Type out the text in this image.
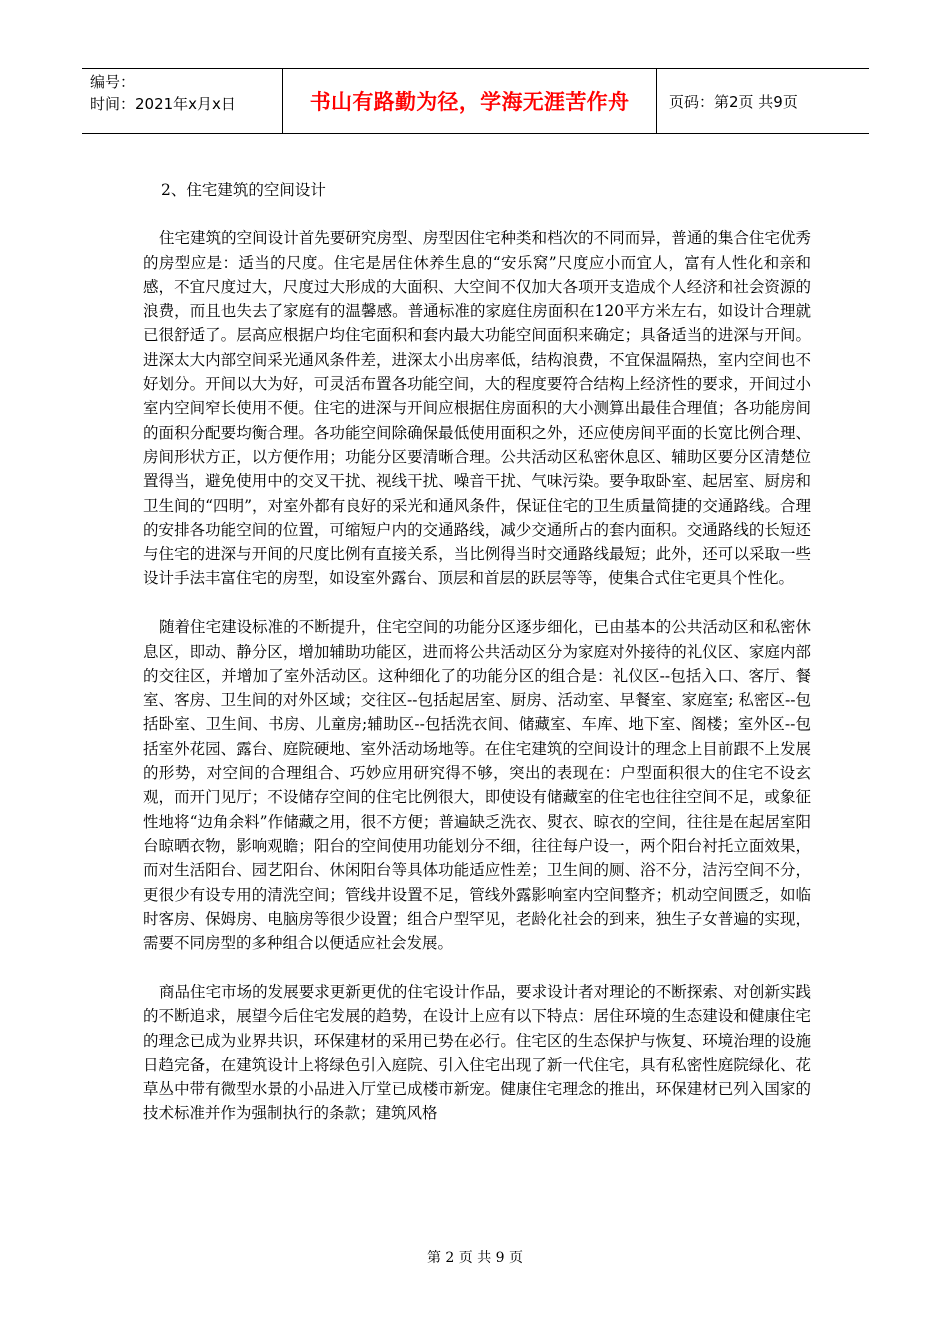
编号：
时间：2021年x月x日	书山有路勤为径，学海无涯苦作舟	页码：第2页 共9页
2、住宅建筑的空间设计

住宅建筑的空间设计首先要研究房型、房型因住宅种类和档次的不同而异，普通的集合住宅优秀的房型应是：适当的尺度。住宅是居住休养生息的“安乐窝”尺度应小而宜人，富有人性化和亲和感，不宜尺度过大，尺度过大形成的大面积、大空间不仅加大各项开支造成个人经济和社会资源的浪费，而且也失去了家庭有的温馨感。普通标准的家庭住房面积在120平方米左右，如设计合理就已很舒适了。层高应根据户均住宅面积和套内最大功能空间面积来确定；具备适当的进深与开间。进深太大内部空间采光通风条件差，进深太小出房率低，结构浪费，不宜保温隔热，室内空间也不好划分。开间以大为好，可灵活布置各功能空间，大的程度要符合结构上经济性的要求，开间过小室内空间窄长使用不便。住宅的进深与开间应根据住房面积的大小测算出最佳合理值；各功能房间的面积分配要均衡合理。各功能空间除确保最低使用面积之外，还应使房间平面的长宽比例合理、房间形状方正，以方便作用；功能分区要清晰合理。公共活动区私密休息区、辅助区要分区清楚位置得当，避免使用中的交叉干扰、视线干扰、噪音干扰、气味污染。要争取卧室、起居室、厨房和卫生间的“四明”，对室外都有良好的采光和通风条件，保证住宅的卫生质量简捷的交通路线。合理的安排各功能空间的位置，可缩短户内的交通路线，减少交通所占的套内面积。交通路线的长短还与住宅的进深与开间的尺度比例有直接关系，当比例得当时交通路线最短；此外，还可以采取一些设计手法丰富住宅的房型，如设室外露台、顶层和首层的跃层等等，使集合式住宅更具个性化。

随着住宅建设标准的不断提升，住宅空间的功能分区逐步细化，已由基本的公共活动区和私密休息区，即动、静分区，增加辅助功能区，进而将公共活动区分为家庭对外接待的礼仪区、家庭内部的交往区，并增加了室外活动区。这种细化了的功能分区的组合是：礼仪区--包括入口、客厅、餐室、客房、卫生间的对外区域；交往区--包括起居室、厨房、活动室、早餐室、家庭室; 私密区--包括卧室、卫生间、书房、儿童房;辅助区--包括洗衣间、储藏室、车库、地下室、阁楼；室外区--包括室外花园、露台、庭院硬地、室外活动场地等。在住宅建筑的空间设计的理念上目前跟不上发展的形势，对空间的合理组合、巧妙应用研究得不够，突出的表现在：户型面积很大的住宅不设玄观，而开门见厅；不设储存空间的住宅比例很大，即使设有储藏室的住宅也往往空间不足，或象征性地将“边角余料”作储藏之用，很不方便；普遍缺乏洗衣、熨衣、晾衣的空间，往往是在起居室阳台晾晒衣物，影响观瞻；阳台的空间使用功能划分不细，往往每户设一，两个阳台衬托立面效果，而对生活阳台、园艺阳台、休闲阳台等具体功能适应性差；卫生间的厕、浴不分，洁污空间不分，更很少有设专用的清洗空间；管线井设置不足，管线外露影响室内空间整齐；机动空间匮乏，如临时客房、保姆房、电脑房等很少设置；组合户型罕见，老龄化社会的到来，独生子女普遍的实现，需要不同房型的多种组合以便适应社会发展。

商品住宅市场的发展要求更新更优的住宅设计作品，要求设计者对理论的不断探索、对创新实践的不断追求，展望今后住宅发展的趋势，在设计上应有以下特点：居住环境的生态建设和健康住宅的理念已成为业界共识，环保建材的采用已势在必行。住宅区的生态保护与恢复、环境治理的设施日趋完备，在建筑设计上将绿色引入庭院、引入住宅出现了新一代住宅，具有私密性庭院绿化、花草丛中带有微型水景的小品进入厅堂已成楼市新宠。健康住宅理念的推出，环保建材已列入国家的技术标准并作为强制执行的条款；建筑风格

第 2 页 共 9 页
